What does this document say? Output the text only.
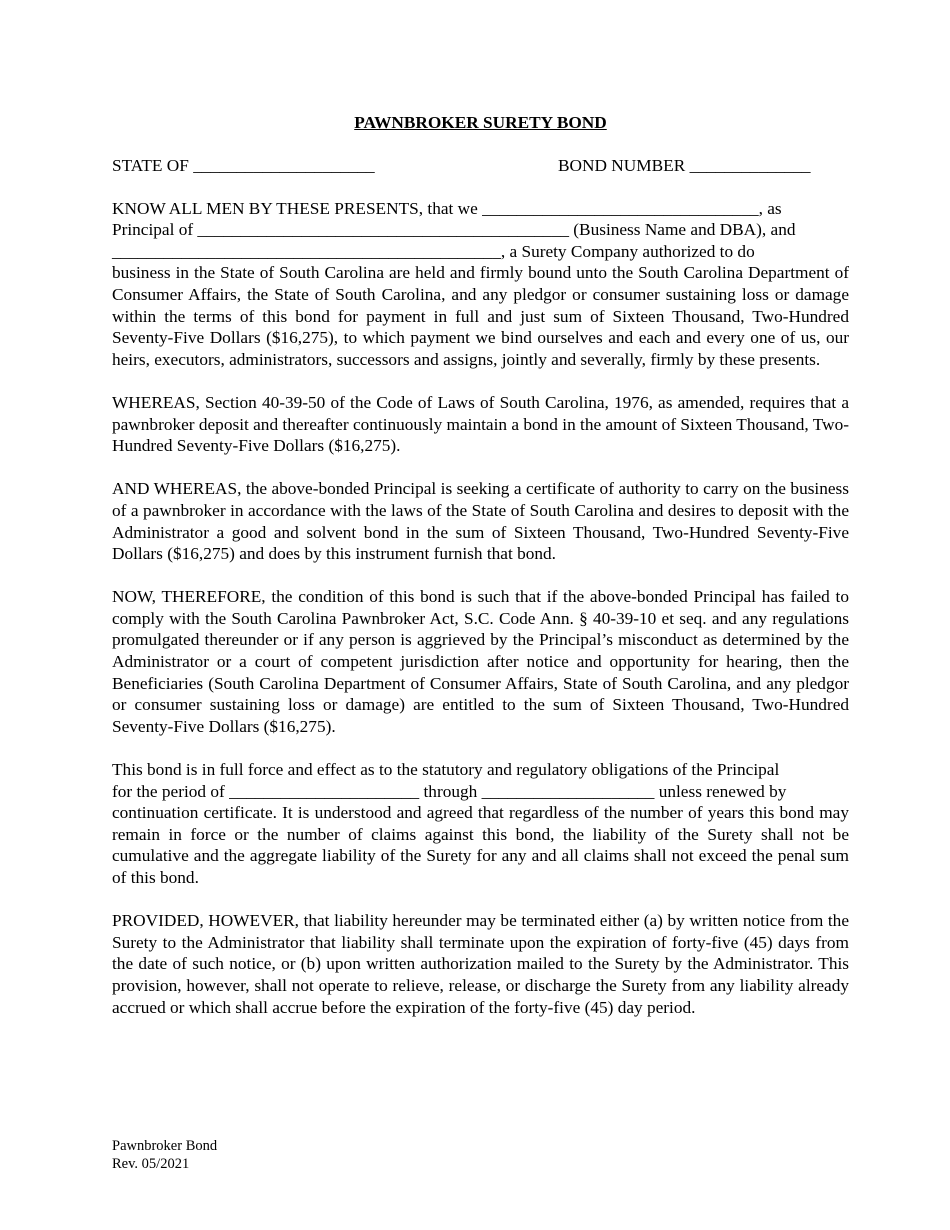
PAWNBROKER SURETY BOND
STATE OF _____________________	BOND NUMBER ______________
KNOW ALL MEN BY THESE PRESENTS, that we ________________________________, as
Principal of ___________________________________________ (Business Name and DBA), and
_____________________________________________, a Surety Company authorized to do
business in the State of South Carolina are held and firmly bound unto the South Carolina Department of Consumer Affairs, the State of South Carolina, and any pledgor or consumer sustaining loss or damage within the terms of this bond for payment in full and just sum of Sixteen Thousand, Two-Hundred Seventy-Five Dollars ($16,275), to which payment we bind ourselves and each and every one of us, our heirs, executors, administrators, successors and assigns, jointly and severally, firmly by these presents.
WHEREAS, Section 40-39-50 of the Code of Laws of South Carolina, 1976, as amended, requires that a pawnbroker deposit and thereafter continuously maintain a bond in the amount of Sixteen Thousand, Two-Hundred Seventy-Five Dollars ($16,275).
AND WHEREAS, the above-bonded Principal is seeking a certificate of authority to carry on the business of a pawnbroker in accordance with the laws of the State of South Carolina and desires to deposit with the Administrator a good and solvent bond in the sum of Sixteen Thousand, Two-Hundred Seventy-Five Dollars ($16,275) and does by this instrument furnish that bond.
NOW, THEREFORE, the condition of this bond is such that if the above-bonded Principal has failed to comply with the South Carolina Pawnbroker Act, S.C. Code Ann. § 40-39-10 et seq. and any regulations promulgated thereunder or if any person is aggrieved by the Principal’s misconduct as determined by the Administrator or a court of competent jurisdiction after notice and opportunity for hearing, then the Beneficiaries (South Carolina Department of Consumer Affairs, State of South Carolina, and any pledgor or consumer sustaining loss or damage) are entitled to the sum of Sixteen Thousand, Two-Hundred Seventy-Five Dollars ($16,275).
This bond is in full force and effect as to the statutory and regulatory obligations of the Principal
for the period of ______________________ through ____________________ unless renewed by
continuation certificate. It is understood and agreed that regardless of the number of years this bond may remain in force or the number of claims against this bond, the liability of the Surety shall not be cumulative and the aggregate liability of the Surety for any and all claims shall not exceed the penal sum of this bond.
PROVIDED, HOWEVER, that liability hereunder may be terminated either (a) by written notice from the Surety to the Administrator that liability shall terminate upon the expiration of forty-five (45) days from the date of such notice, or (b) upon written authorization mailed to the Surety by the Administrator. This provision, however, shall not operate to relieve, release, or discharge the Surety from any liability already accrued or which shall accrue before the expiration of the forty-five (45) day period.
Pawnbroker Bond
Rev. 05/2021
